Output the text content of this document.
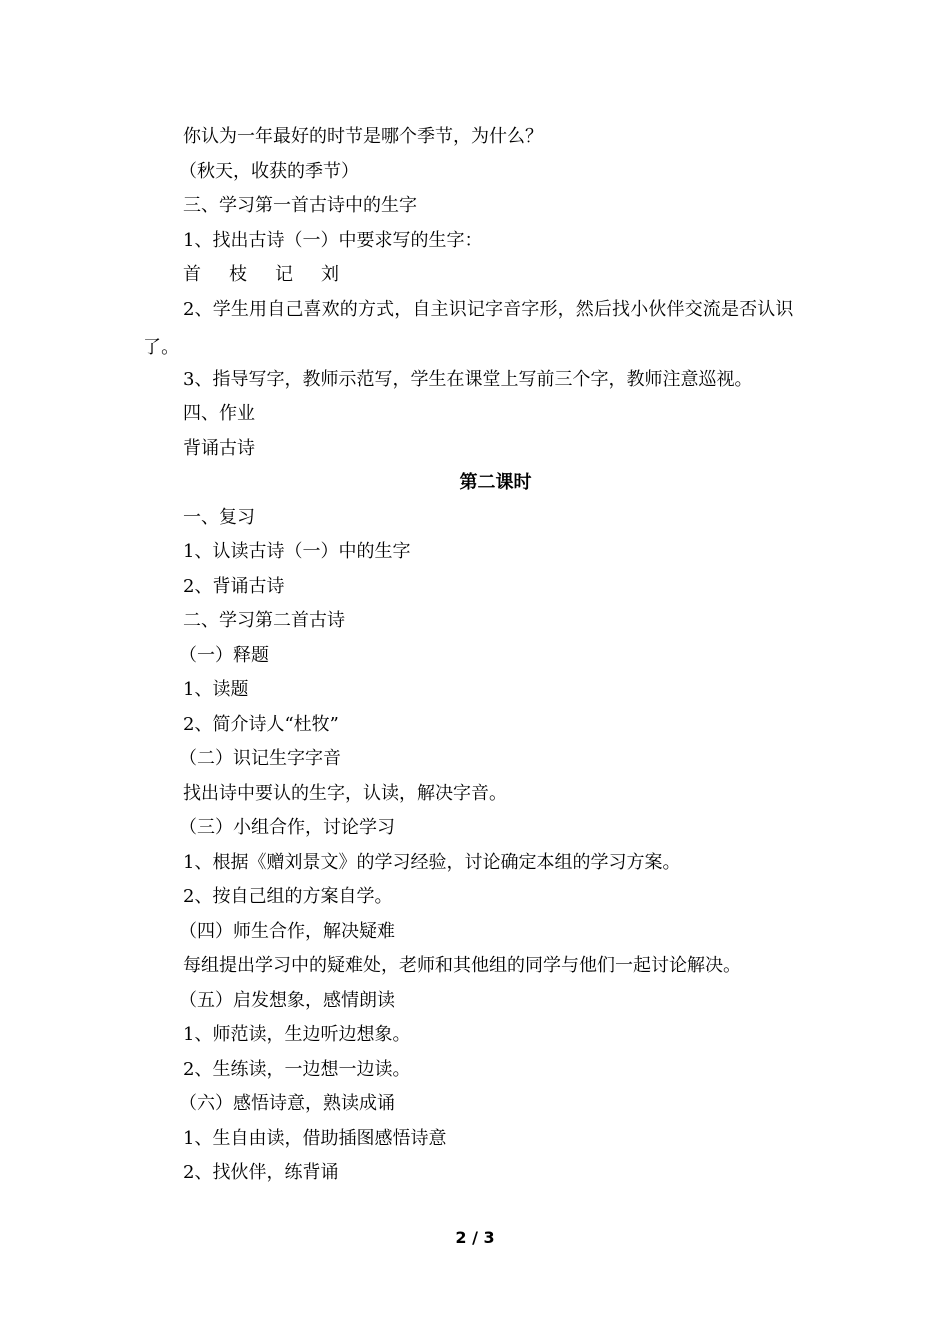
你认为一年最好的时节是哪个季节，为什么？
（秋天，收获的季节）
三、学习第一首古诗中的生字
1、找出古诗（一）中要求写的生字：
首 枝 记 刘
2、学生用自己喜欢的方式，自主识记字音字形，然后找小伙伴交流是否认识了。
3、指导写字，教师示范写，学生在课堂上写前三个字，教师注意巡视。
四、作业
背诵古诗
第二课时
一、复习
1、认读古诗（一）中的生字
2、背诵古诗
二、学习第二首古诗
（一）释题
1、读题
2、简介诗人“杜牧”
（二）识记生字字音
找出诗中要认的生字，认读，解决字音。
（三）小组合作，讨论学习
1、根据《赠刘景文》的学习经验，讨论确定本组的学习方案。
2、按自己组的方案自学。
（四）师生合作，解决疑难
每组提出学习中的疑难处，老师和其他组的同学与他们一起讨论解决。
（五）启发想象，感情朗读
1、师范读，生边听边想象。
2、生练读，一边想一边读。
（六）感悟诗意，熟读成诵
1、生自由读，借助插图感悟诗意
2、找伙伴，练背诵
2 / 3
